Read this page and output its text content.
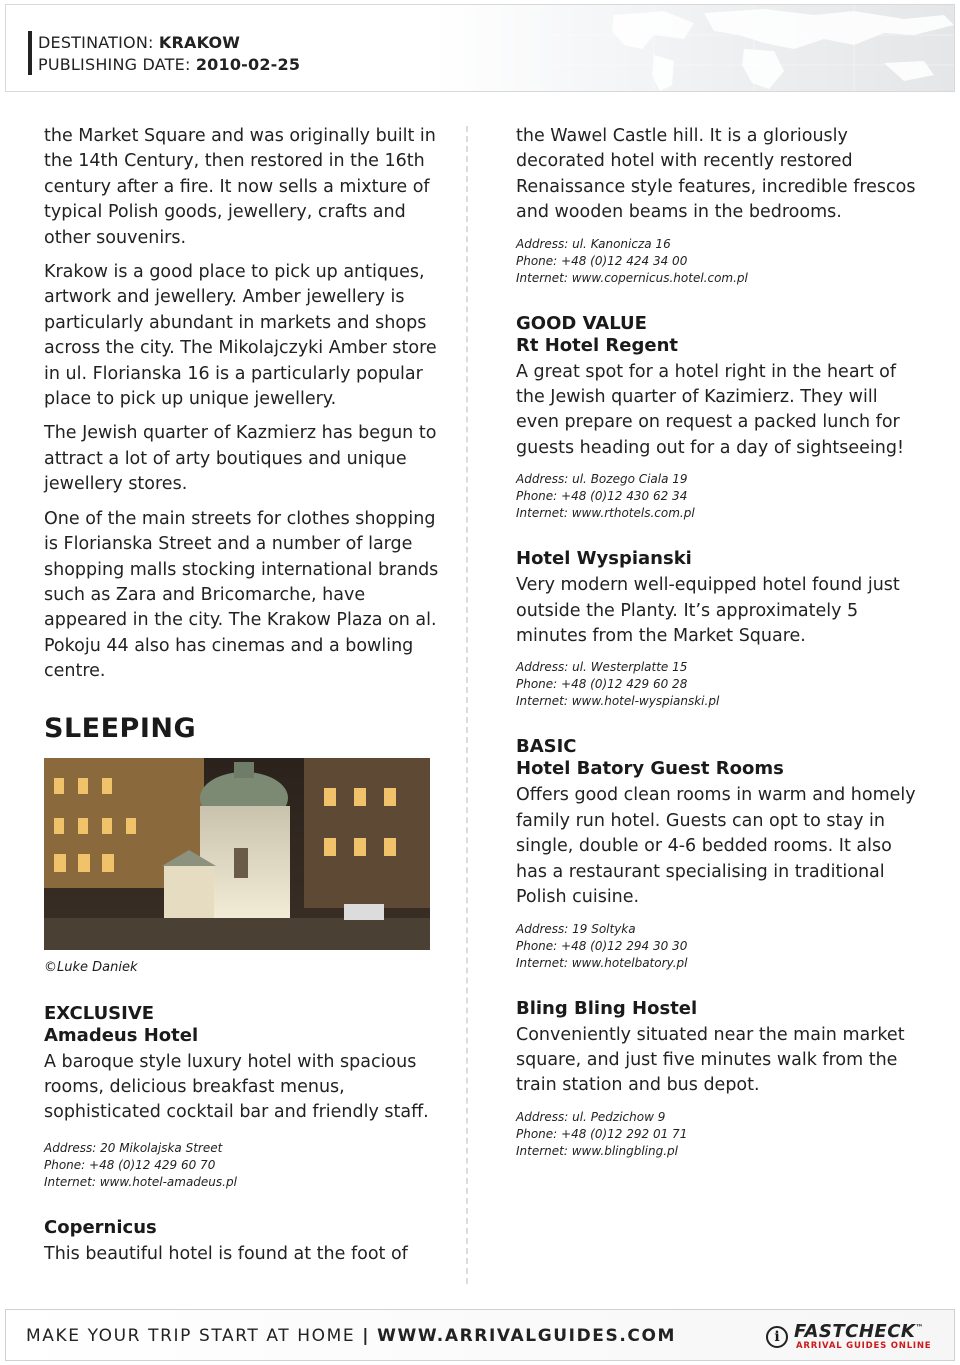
DESTINATION: KRAKOW
PUBLISHING DATE: 2010-02-25

the Market Square and was originally built in the 14th Century, then restored in the 16th century after a fire. It now sells a mixture of typical Polish goods, jewellery, crafts and other souvenirs.

Krakow is a good place to pick up antiques, artwork and jewellery. Amber jewellery is particularly abundant in markets and shops across the city. The Mikolajczyki Amber store in ul. Florianska 16 is a particularly popular place to pick up unique jewellery.

The Jewish quarter of Kazmierz has begun to attract a lot of arty boutiques and unique jewellery stores.

One of the main streets for clothes shopping is Florianska Street and a number of large shopping malls stocking international brands such as Zara and Bricomarche, have appeared in the city. The Krakow Plaza on al. Pokoju 44 also has cinemas and a bowling centre.

SLEEPING
©Luke Daniek
EXCLUSIVE
Amadeus Hotel

A baroque style luxury hotel with spacious rooms, delicious breakfast menus, sophisticated cocktail bar and friendly staff.

Address: 20 Mikolajska Street
Phone: +48 (0)12 429 60 70
Internet: www.hotel-amadeus.pl
Copernicus

This beautiful hotel is found at the foot of

the Wawel Castle hill. It is a gloriously decorated hotel with recently restored Renaissance style features, incredible frescos and wooden beams in the bedrooms.

Address: ul. Kanonicza 16
Phone: +48 (0)12 424 34 00
Internet: www.copernicus.hotel.com.pl
GOOD VALUE
Rt Hotel Regent

A great spot for a hotel right in the heart of the Jewish quarter of Kazimierz. They will even prepare on request a packed lunch for guests heading out for a day of sightseeing!

Address: ul. Bozego Ciala 19
Phone: +48 (0)12 430 62 34
Internet: www.rthotels.com.pl
Hotel Wyspianski

Very modern well-equipped hotel found just outside the Planty. It’s approximately 5 minutes from the Market Square.

Address: ul. Westerplatte 15
Phone: +48 (0)12 429 60 28
Internet: www.hotel-wyspianski.pl
BASIC
Hotel Batory Guest Rooms

Offers good clean rooms in warm and homely family run hotel. Guests can opt to stay in single, double or 4-6 bedded rooms. It also has a restaurant specialising in traditional Polish cuisine.

Address: 19 Soltyka
Phone: +48 (0)12 294 30 30
Internet: www.hotelbatory.pl
Bling Bling Hostel

Conveniently situated near the main market square, and just five minutes walk from the train station and bus depot.

Address: ul. Pedzichow 9
Phone: +48 (0)12 292 01 71
Internet: www.blingbling.pl
MAKE YOUR TRIP START AT HOME | WWW.ARRIVALGUIDES.COM	i FASTCHECK™
ARRIVAL GUIDES ONLINE
